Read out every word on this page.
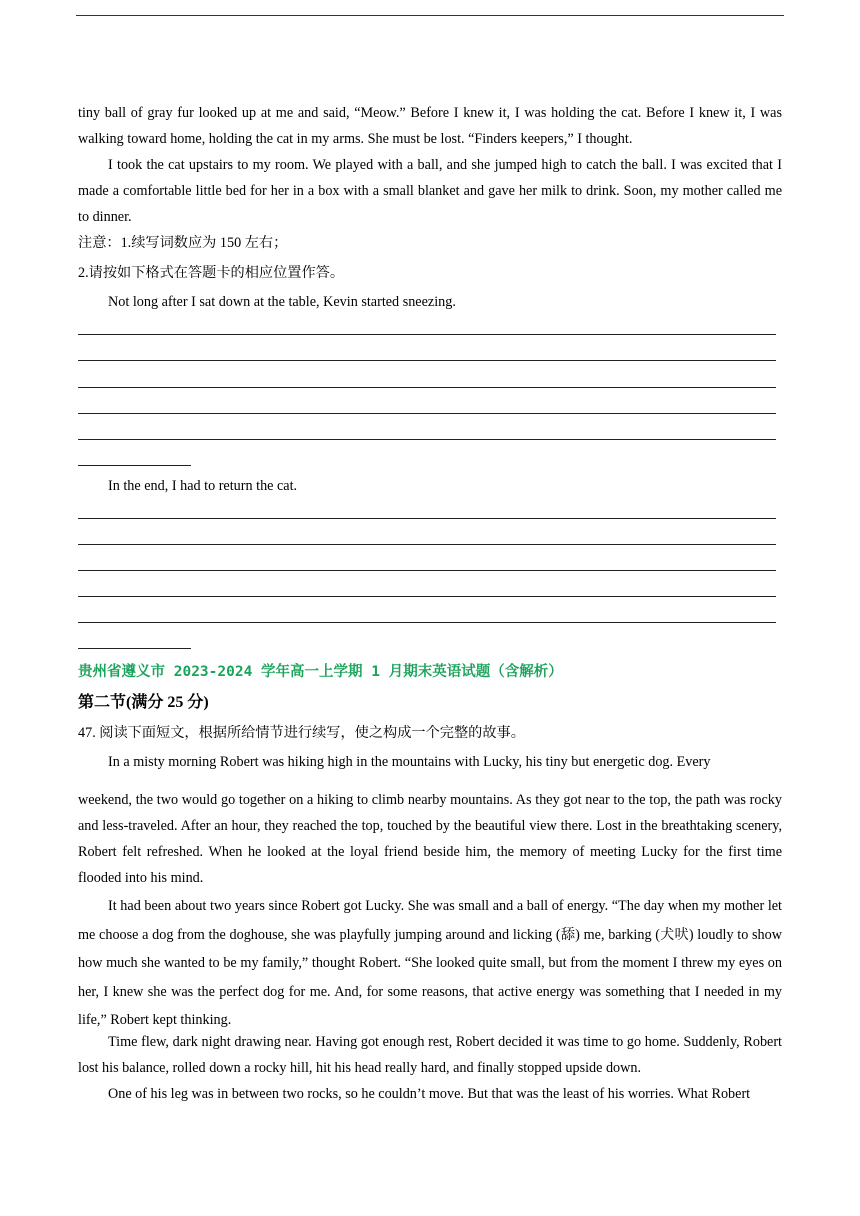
tiny ball of gray fur looked up at me and said, “Meow.” Before I knew it, I was holding the cat. Before I knew it, I was walking toward home, holding the cat in my arms. She must be lost. “Finders keepers,” I thought.

I took the cat upstairs to my room. We played with a ball, and she jumped high to catch the ball. I was excited that I made a comfortable little bed for her in a box with a small blanket and gave her milk to drink. Soon, my mother called me to dinner.

注意：1.续写词数应为 150 左右；

2.请按如下格式在答题卡的相应位置作答。

Not long after I sat down at the table, Kevin started sneezing.

In the end, I had to return the cat.

贵州省遵义市 2023-2024 学年高一上学期 1 月期末英语试题（含解析）
第二节(满分 25 分)

47. 阅读下面短文，根据所给情节进行续写，使之构成一个完整的故事。

In a misty morning Robert was hiking high in the mountains with Lucky, his tiny but energetic dog. Every

weekend, the two would go together on a hiking to climb nearby mountains. As they got near to the top, the path was rocky and less-traveled. After an hour, they reached the top, touched by the beautiful view there. Lost in the breathtaking scenery, Robert felt refreshed. When he looked at the loyal friend beside him, the memory of meeting Lucky for the first time flooded into his mind.

It had been about two years since Robert got Lucky. She was small and a ball of energy. “The day when my mother let me choose a dog from the doghouse, she was playfully jumping around and licking (舔) me, barking (犬吠) loudly to show how much she wanted to be my family,” thought Robert. “She looked quite small, but from the moment I threw my eyes on her, I knew she was the perfect dog for me. And, for some reasons, that active energy was something that I needed in my life,” Robert kept thinking.

Time flew, dark night drawing near. Having got enough rest, Robert decided it was time to go home. Suddenly, Robert lost his balance, rolled down a rocky hill, hit his head really hard, and finally stopped upside down.

One of his leg was in between two rocks, so he couldn’t move. But that was the least of his worries. What Robert
